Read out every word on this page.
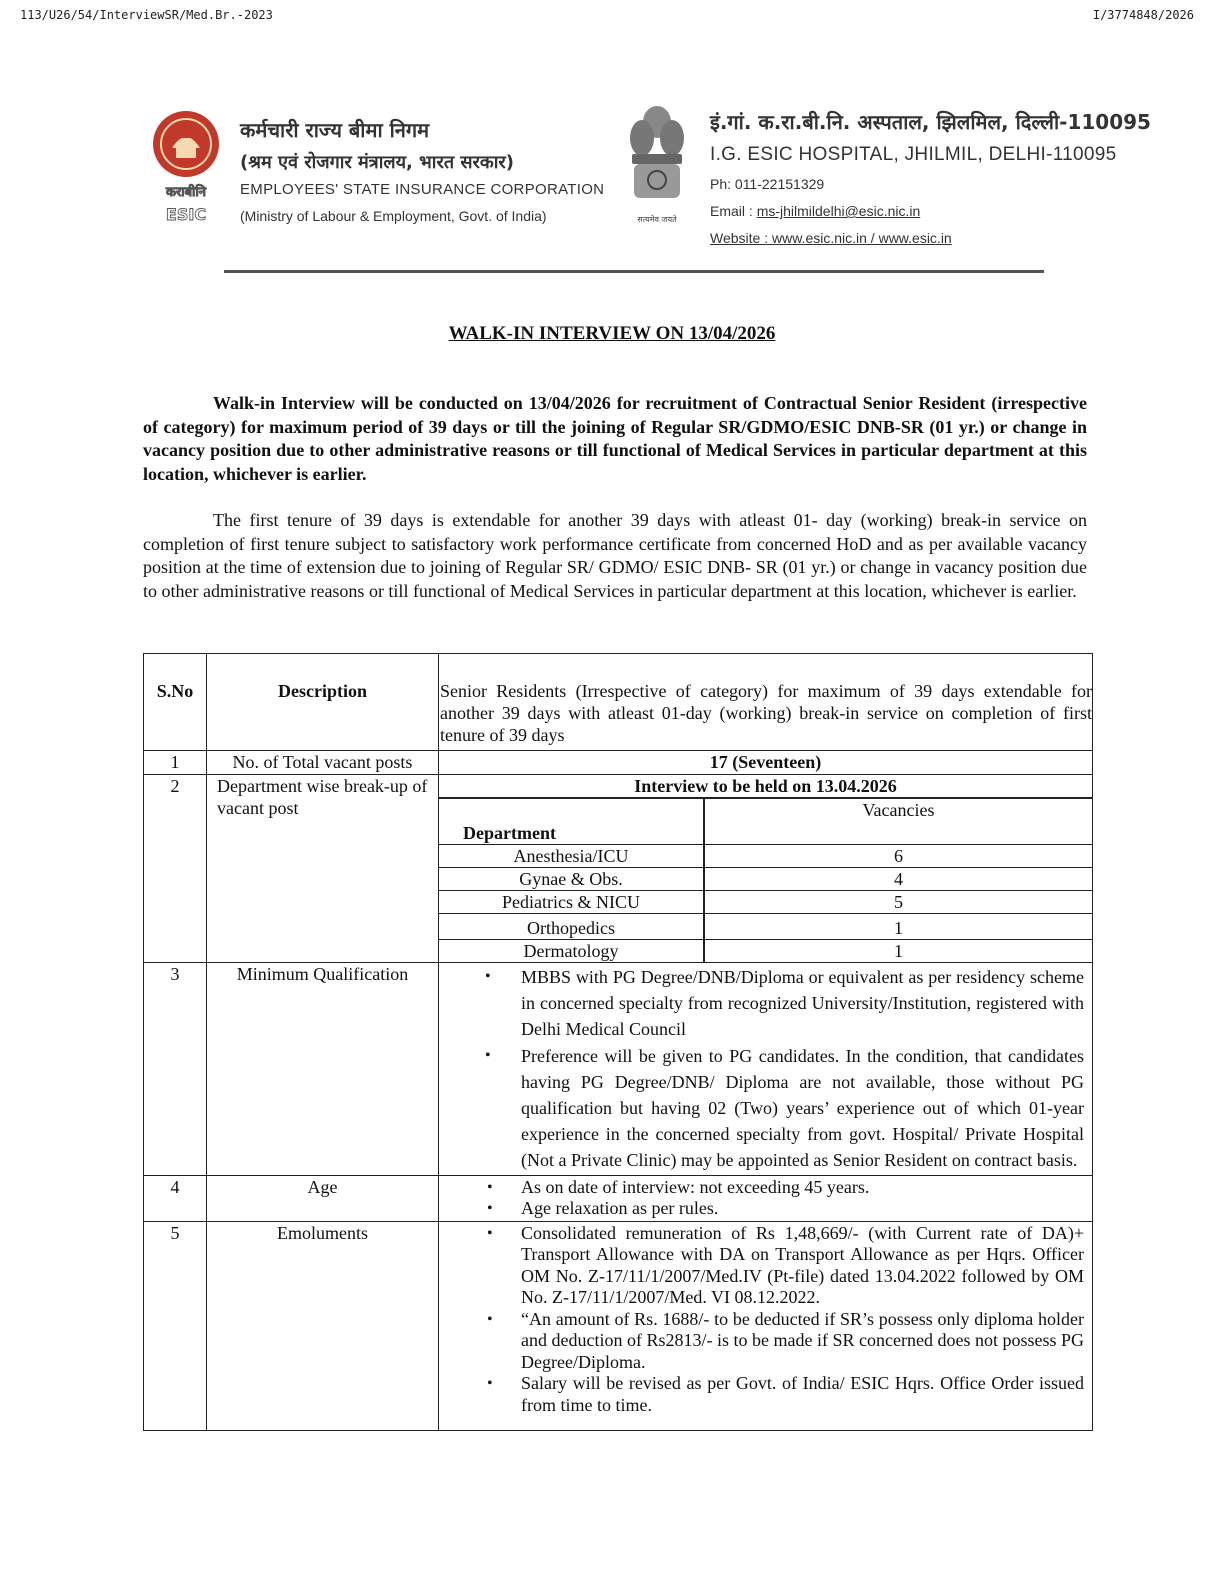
113/U26/54/InterviewSR/Med.Br.-2023	I/3774848/2026
कराबीनि
ESIC
कर्मचारी राज्य बीमा निगम
(श्रम एवं रोजगार मंत्रालय, भारत सरकार)
EMPLOYEES' STATE INSURANCE CORPORATION
(Ministry of Labour & Employment, Govt. of India)	सत्यमेव जयते
इं.गां. क.रा.बी.नि. अस्पताल, झिलमिल, दिल्ली-110095
I.G. ESIC HOSPITAL, JHILMIL, DELHI-110095
Ph: 011-22151329
Email : ms-jhilmildelhi@esic.nic.in
Website : www.esic.nic.in / www.esic.in
WALK-IN INTERVIEW ON 13/04/2026

Walk-in Interview will be conducted on 13/04/2026 for recruitment of Contractual Senior Resident (irrespective of category) for maximum period of 39 days or till the joining of Regular SR/GDMO/ESIC DNB-SR (01 yr.) or change in vacancy position due to other administrative reasons or till functional of Medical Services in particular department at this location, whichever is earlier.

The first tenure of 39 days is extendable for another 39 days with atleast 01- day (working) break-in service on completion of first tenure subject to satisfactory work performance certificate from concerned HoD and as per available vacancy position at the time of extension due to joining of Regular SR/ GDMO/ ESIC DNB- SR (01 yr.) or change in vacancy position due to other administrative reasons or till functional of Medical Services in particular department at this location, whichever is earlier.

S.No	Description	Senior Residents (Irrespective of category) for maximum of 39 days extendable for another 39 days with atleast 01-day (working) break-in service on completion of first tenure of 39 days
1	No. of Total vacant posts	17 (Seventeen)
2	Department wise break-up of vacant post	
Interview to be held on 13.04.2026
Department	Vacancies
Anesthesia/ICU	6
Gynae & Obs.	4
Pediatrics & NICU	5
Orthopedics	1
Dermatology	1

3	Minimum Qualification	
•MBBS with PG Degree/DNB/Diploma or equivalent as per residency scheme in concerned specialty from recognized University/Institution, registered with Delhi Medical Council
• Preference will be given to PG candidates. In the condition, that candidates having PG Degree/DNB/ Diploma are not available, those without PG qualification but having 02 (Two) years’ experience out of which 01-year experience in the concerned specialty from govt. Hospital/ Private Hospital (Not a Private Clinic) may be appointed as Senior Resident on contract basis.

4	Age	
•As on date of interview: not exceeding 45 years.
• Age relaxation as per rules.

5	Emoluments	
•Consolidated remuneration of Rs 1,48,669/- (with Current rate of DA)+ Transport Allowance with DA on Transport Allowance as per Hqrs. Officer OM No. Z-17/11/1/2007/Med.IV (Pt-file) dated 13.04.2022 followed by OM No. Z-17/11/1/2007/Med. VI 08.12.2022.
• “An amount of Rs. 1688/- to be deducted if SR’s possess only diploma holder and deduction of Rs2813/- is to be made if SR concerned does not possess PG Degree/Diploma.
• Salary will be revised as per Govt. of India/ ESIC Hqrs. Office Order issued from time to time.
